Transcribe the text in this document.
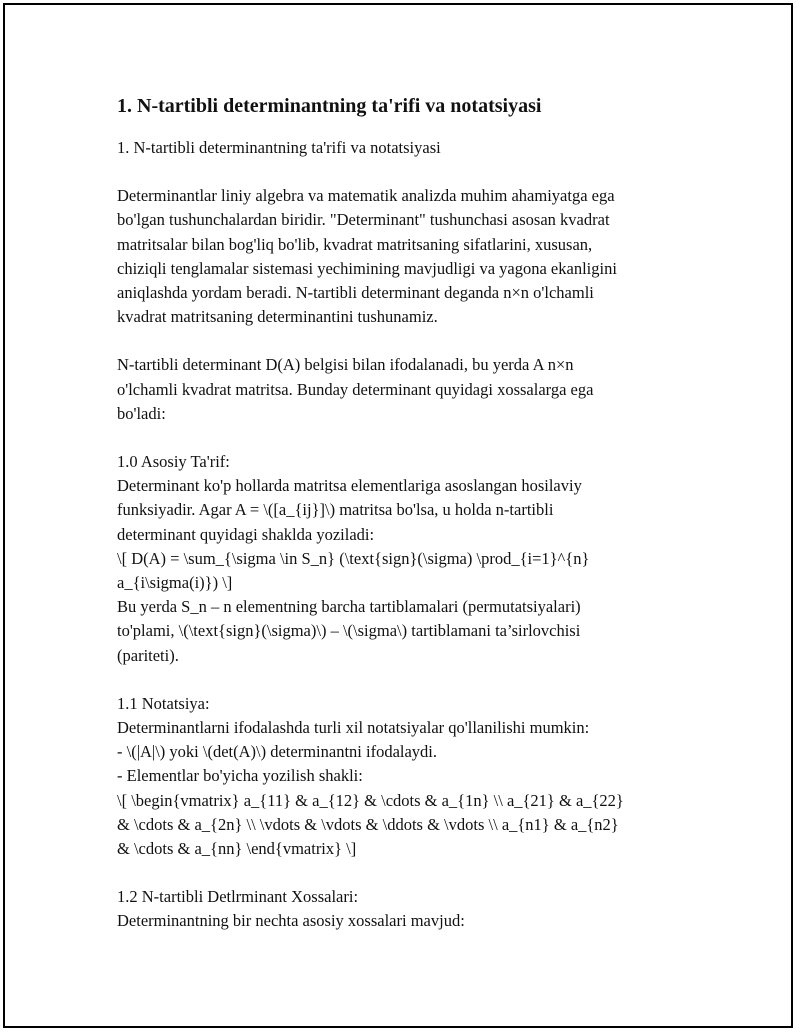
1. N-tartibli determinantning ta'rifi va notatsiyasi
1. N-tartibli determinantning ta'rifi va notatsiyasi
Determinantlar liniy algebra va matematik analizda muhim ahamiyatga ega
bo'lgan tushunchalardan biridir. "Determinant" tushunchasi asosan kvadrat
matritsalar bilan bog'liq bo'lib, kvadrat matritsaning sifatlarini, xususan,
chiziqli tenglamalar sistemasi yechimining mavjudligi va yagona ekanligini
aniqlashda yordam beradi. N-tartibli determinant deganda n×n o'lchamli
kvadrat matritsaning determinantini tushunamiz.
N-tartibli determinant D(A) belgisi bilan ifodalanadi, bu yerda A n×n
o'lchamli kvadrat matritsa. Bunday determinant quyidagi xossalarga ega
bo'ladi:
1.0 Asosiy Ta'rif:
Determinant ko'p hollarda matritsa elementlariga asoslangan hosilaviy
funksiyadir. Agar A = \([a_{ij}]\) matritsa bo'lsa, u holda n-tartibli
determinant quyidagi shaklda yoziladi:
\[ D(A) = \sum_{\sigma \in S_n} (\text{sign}(\sigma) \prod_{i=1}^{n}
a_{i\sigma(i)}) \]
Bu yerda S_n – n elementning barcha tartiblamalari (permutatsiyalari)
to'plami, \(\text{sign}(\sigma)\) – \(\sigma\) tartiblamani ta’sirlovchisi
(pariteti).
1.1 Notatsiya:
Determinantlarni ifodalashda turli xil notatsiyalar qo'llanilishi mumkin:
- \(|A|\) yoki \(det(A)\) determinantni ifodalaydi.
- Elementlar bo'yicha yozilish shakli:
\[ \begin{vmatrix} a_{11} & a_{12} & \cdots & a_{1n} \\ a_{21} & a_{22}
& \cdots & a_{2n} \\ \vdots & \vdots & \ddots & \vdots \\ a_{n1} & a_{n2}
& \cdots & a_{nn} \end{vmatrix} \]
1.2 N-tartibli Detlrminant Xossalari:
Determinantning bir nechta asosiy xossalari mavjud:
